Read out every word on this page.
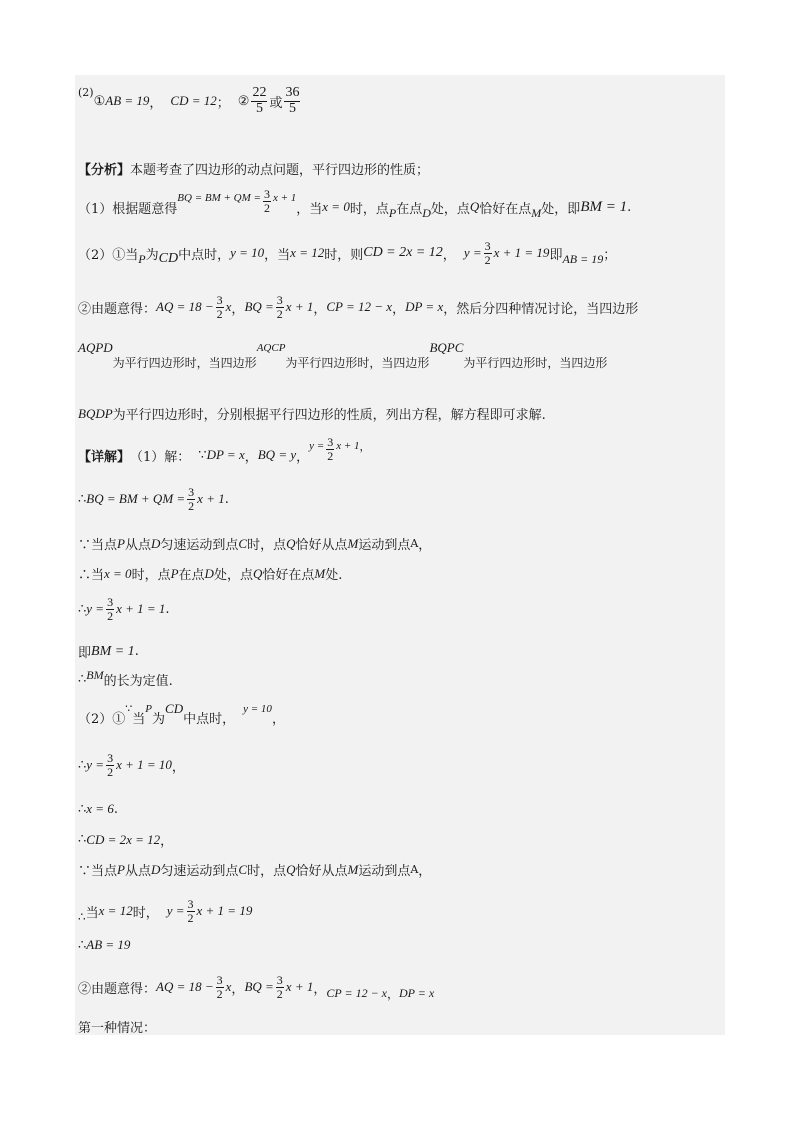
(2)
① AB = 19 ， CD = 12 ； ② $\frac{22}{5}$ 或 $\frac{36}{5}$
【分析】 本题考查了四边形的动点问题，平行四边形的性质；
（1）根据题意得
BQ = BM + QM = $\frac{3}{2}$ x + 1
，当 x = 0 时，点 P 在点 D 处，点 Q 恰好在点 M 处，即 BM = 1 .
（2）①当 P 为 CD 中点时， y = 10 ，当 x = 12 时，则 CD = 2x = 12 ， $y = \frac{3}{2}$ x + 1 = 19 即 AB = 19 ；
②由题意得： AQ = $18 - \frac{3}{2}$ x ， BQ = $\frac{3}{2}$ x + 1 ， CP = 12 − x ， DP = x ，然后分四种情况讨论，当四边形
AQPD
为平行四边形时，当四边形
AQCP
为平行四边形时，当四边形
BQPC
为平行四边形时，当四边形
BQDP 为平行四边形时，分别根据平行四边形的性质，列出方程，解方程即可求解.
【详解】 （1）解： ∵ DP = x ， BQ = y ，
$y = \frac{3}{2}$ x + 1 ，
∴ BQ = BM + QM = $\frac{3}{2}$ x + 1 .
∵当点 P 从点 D 匀速运动到点 C 时，点 Q 恰好从点 M 运动到点 A ，
∴当 x = 0 时，点 P 在点 D 处，点 Q 恰好在点 M 处.
∴ $y = \frac{3}{2}$ x + 1 = 1 .
即 BM = 1 .
∴ BM 的长为定值.
（2）①
∵
当
P
为
CD
中点时，
y = 10
，
∴ $y = \frac{3}{2}$ x + 1 = 10 ，
∴ x = 6 .
∴ CD = 2x = 12 ，
∵当点 P 从点 D 匀速运动到点 C 时，点 Q 恰好从点 M 运动到点 A ，
∴ 当 x = 12 时， $y = \frac{3}{2}$ x + 1 = 19
∴ AB = 19
②由题意得： AQ = $18 - \frac{3}{2}$ x ， BQ = $\frac{3}{2}$ x + 1 ， CP = 12 − x ， DP = x
第一种情况：
